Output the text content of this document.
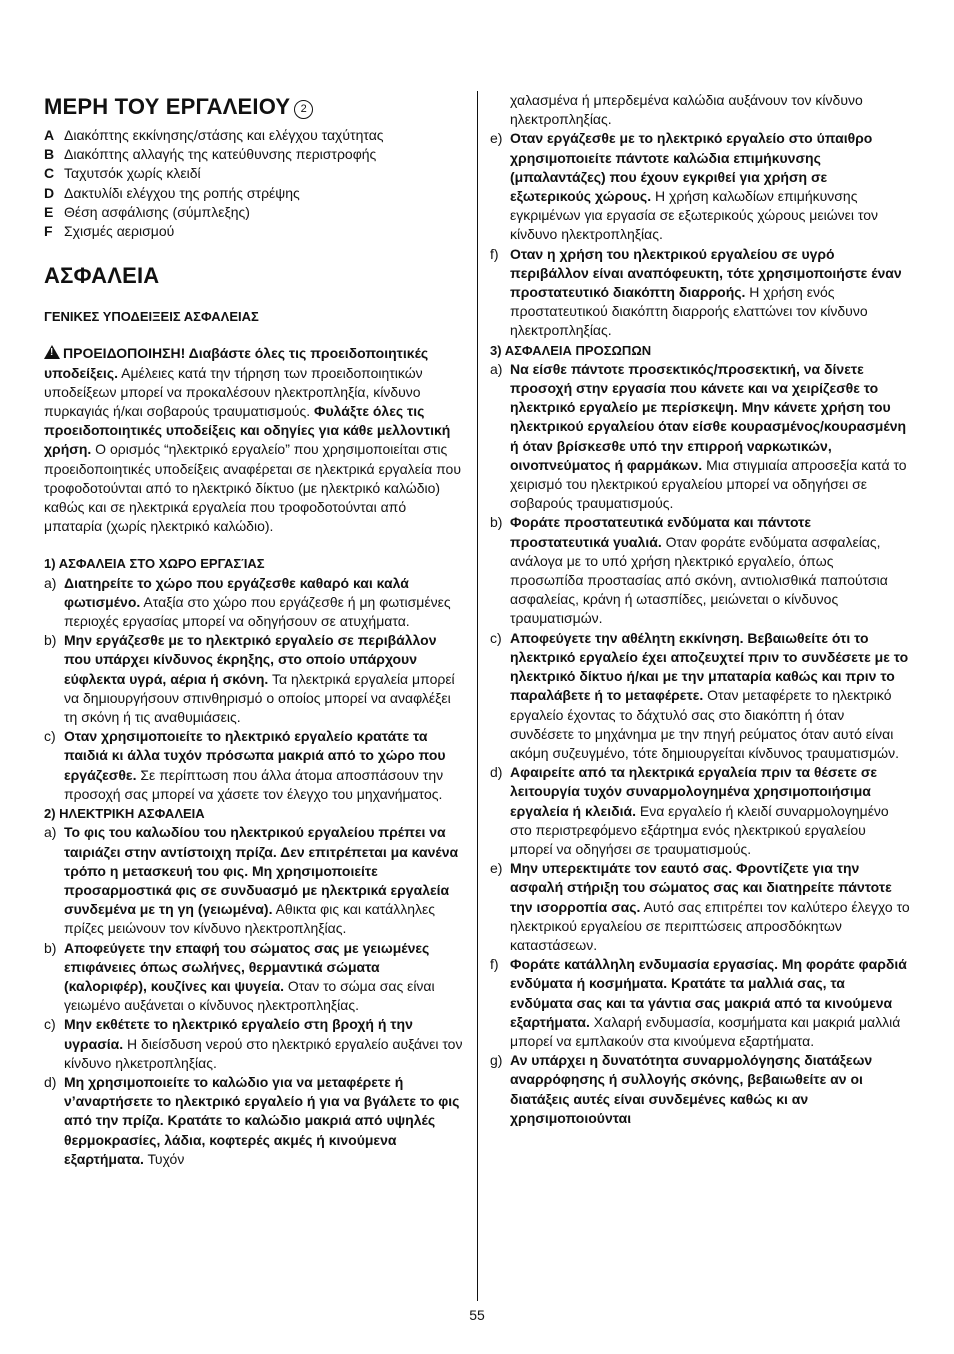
ΜΕΡΗ ΤΟΥ ΕΡΓΑΛΕΙΟΥ 2
A Διακόπτης εκκίνησης/στάσης και ελέγχου ταχύτητας
B Διακόπτης αλλαγής της κατεύθυνσης περιστροφής
C Ταχυτσόκ χωρίς κλειδί
D Δακτυλίδι ελέγχου της ροπής στρέψης
E Θέση ασφάλισης (σύμπλεξης)
F Σχισμές αερισμού
ΑΣΦΑΛΕΙΑ

ΓΕΝΙΚΕΣ ΥΠΟΔΕΙΞΕΙΣ ΑΣΦΑΛΕΙΑΣ

!ΠΡΟΕΙΔΟΠΟΙΗΣΗ! Διαβάστε όλες τις προειδοποιητικές υποδείξεις. Αμέλειες κατά την τήρηση των προειδοποιητικών υποδείξεων μπορεί να προκαλέσουν ηλεκτροπληξία, κίνδυνο πυρκαγιάς ή/και σοβαρούς τραυματισμούς. Φυλάξτε όλες τις προειδοποιητικές υποδείξεις και οδηγίες για κάθε μελλοντική χρήση. Ο ορισμός “ηλεκτρικό εργαλείο” που χρησιμοποιείται στις προειδοποιητικές υποδείξεις αναφέρεται σε ηλεκτρικά εργαλεία που τροφοδοτούνται από το ηλεκτρικό δίκτυο (με ηλεκτρικό καλώδιο) καθώς και σε ηλεκτρικά εργαλεία που τροφοδοτούνται από μπαταρία (χωρίς ηλεκτρικό καλώδιο).

1) ΑΣΦΑΛΕΙΑ ΣΤΟ ΧΩΡΟ ΕΡΓΑΣΊΑΣ

a) Διατηρείτε το χώρο που εργάζεσθε καθαρό και καλά φωτισμένο. Αταξία στο χώρο που εργάζεσθε ή μη φωτισμένες περιοχές εργασίας μπορεί να οδηγήσουν σε ατυχήματα.
b) Μην εργάζεσθε με το ηλεκτρικό εργαλείο σε περιβάλλον που υπάρχει κίνδυνος έκρηξης, στο οποίο υπάρχουν εύφλεκτα υγρά, αέρια ή σκόνη. Τα ηλεκτρικά εργαλεία μπορεί να δημιουργήσουν σπινθηρισμό ο οποίος μπορεί να αναφλέξει τη σκόνη ή τις αναθυμιάσεις.
c) Οταν χρησιμοποιείτε το ηλεκτρικό εργαλείο κρατάτε τα παιδιά κι άλλα τυχόν πρόσωπα μακριά από το χώρο που εργάζεσθε. Σε περίπτωση που άλλα άτομα αποσπάσουν την προσοχή σας μπορεί να χάσετε τον έλεγχο του μηχανήματος.

2) ΗΛΕΚΤΡΙΚΗ ΑΣΦΑΛΕΙΑ

a) Το φις του καλωδίου του ηλεκτρικού εργαλείου πρέπει να ταιριάζει στην αντίστοιχη πρίζα. Δεν επιτρέπεται μα κανένα τρόπο η μετασκευή του φις. Μη χρησιμοποιείτε προσαρμοστικά φις σε συνδυασμό με ηλεκτρικά εργαλεία συνδεμένα με τη γη (γειωμένα). Αθικτα φις και κατάλληλες πρίζες μειώνουν τον κίνδυνο ηλεκτροπληξίας.
b) Αποφεύγετε την επαφή του σώματος σας με γειωμένες επιφάνειες όπως σωλήνες, θερμαντικά σώματα (καλοριφέρ), κουζίνες και ψυγεία. Οταν το σώμα σας είναι γειωμένο αυξάνεται ο κίνδυνος ηλεκτροπληξίας.
c) Μην εκθέτετε το ηλεκτρικό εργαλείο στη βροχή ή την υγρασία. Η διείσδυση νερού στο ηλεκτρικό εργαλείο αυξάνει τον κίνδυνο ηλκετροπληξίας.
d) Μη χρησιμοποιείτε το καλώδιο για να μεταφέρετε ή ν’αναρτήσετε το ηλεκτρικό εργαλείο ή για να βγάλετε το φις από την πρίζα. Κρατάτε το καλώδιο μακριά από υψηλές θερμοκρασίες, λάδια, κοφτερές ακμές ή κινούμενα εξαρτήματα. Τυχόν

χαλασμένα ή μπερδεμένα καλώδια αυξάνουν τον κίνδυνο ηλεκτροπληξίας.

e) Οταν εργάζεσθε με το ηλεκτρικό εργαλείο στο ύπαιθρο χρησιμοποιείτε πάντοτε καλώδια επιμήκυνσης (μπαλαντάζες) που έχουν εγκριθεί για χρήση σε εξωτερικούς χώρους. Η χρήση καλωδίων επιμήκυνσης εγκριμένων για εργασία σε εξωτερικούς χώρους μειώνει τον κίνδυνο ηλεκτροπληξίας.
f) Οταν η χρήση του ηλεκτρικού εργαλείου σε υγρό περιβάλλον είναι αναπόφευκτη, τότε χρησιμοποιήστε έναν προστατευτικό διακόπτη διαρροής. Η χρήση ενός προστατευτικού διακόπτη διαρροής ελαττώνει τον κίνδυνο ηλεκτροπληξίας.

3) ΑΣΦΑΛΕΙΑ ΠΡΟΣΩΠΩΝ

a) Να είσθε πάντοτε προσεκτικός/προσεκτική, να δίνετε προσοχή στην εργασία που κάνετε και να χειρίζεσθε το ηλεκτρικό εργαλείο με περίσκεψη. Μην κάνετε χρήση του ηλεκτρικού εργαλείου όταν είσθε κουρασμένος/κουρασμένη ή όταν βρίσκεσθε υπό την επιρροή ναρκωτικών, οινοπνεύματος ή φαρμάκων. Μια στιγμιαία απροσεξία κατά το χειρισμό του ηλεκτρικού εργαλείου μπορεί να οδηγήσει σε σοβαρούς τραυματισμούς.
b) Φοράτε προστατευτικά ενδύματα και πάντοτε προστατευτικά γυαλιά. Οταν φοράτε ενδύματα ασφαλείας, ανάλογα με το υπό χρήση ηλεκτρικό εργαλείο, όπως προσωπίδα προστασίας από σκόνη, αντιολισθικά παπούτσια ασφαλείας, κράνη ή ωτασπίδες, μειώνεται ο κίνδυνος τραυματισμών.
c) Αποφεύγετε την αθέλητη εκκίνηση. Βεβαιωθείτε ότι το ηλεκτρικό εργαλείο έχει αποζευχτεί πριν το συνδέσετε με το ηλεκτρικό δίκτυο ή/και με την μπαταρία καθώς και πριν το παραλάβετε ή το μεταφέρετε. Οταν μεταφέρετε το ηλεκτρικό εργαλείο έχοντας το δάχτυλό σας στο διακόπτη ή όταν συνδέσετε το μηχάνημα με την πηγή ρεύματος όταν αυτό είναι ακόμη συζευγμένο, τότε δημιουργείται κίνδυνος τραυματισμών.
d) Αφαιρείτε από τα ηλεκτρικά εργαλεία πριν τα θέσετε σε λειτουργία τυχόν συναρμολογημένα χρησιμοποιήσιμα εργαλεία ή κλειδιά. Ενα εργαλείο ή κλειδί συναρμολογημένο στο περιστρεφόμενο εξάρτημα ενός ηλεκτρικού εργαλείου μπορεί να οδηγήσει σε τραυματισμούς.
e) Μην υπερεκτιμάτε τον εαυτό σας. Φροντίζετε για την ασφαλή στήριξη του σώματος σας και διατηρείτε πάντοτε την ισορροπία σας. Αυτό σας επιτρέπει τον καλύτερο έλεγχο το ηλεκτρικού εργαλείου σε περιπτώσεις απροσδόκητων καταστάσεων.
f) Φοράτε κατάλληλη ενδυμασία εργασίας. Μη φοράτε φαρδιά ενδύματα ή κοσμήματα. Κρατάτε τα μαλλιά σας, τα ενδύματα σας και τα γάντια σας μακριά από τα κινούμενα εξαρτήματα. Χαλαρή ενδυμασία, κοσμήματα και μακριά μαλλιά μπορεί να εμπλακούν στα κινούμενα εξαρτήματα.
g) Αν υπάρχει η δυνατότητα συναρμολόγησης διατάξεων αναρρόφησης ή συλλογής σκόνης, βεβαιωθείτε αν οι διατάξεις αυτές είναι συνδεμένες καθώς κι αν χρησιμοποιούνται
55
